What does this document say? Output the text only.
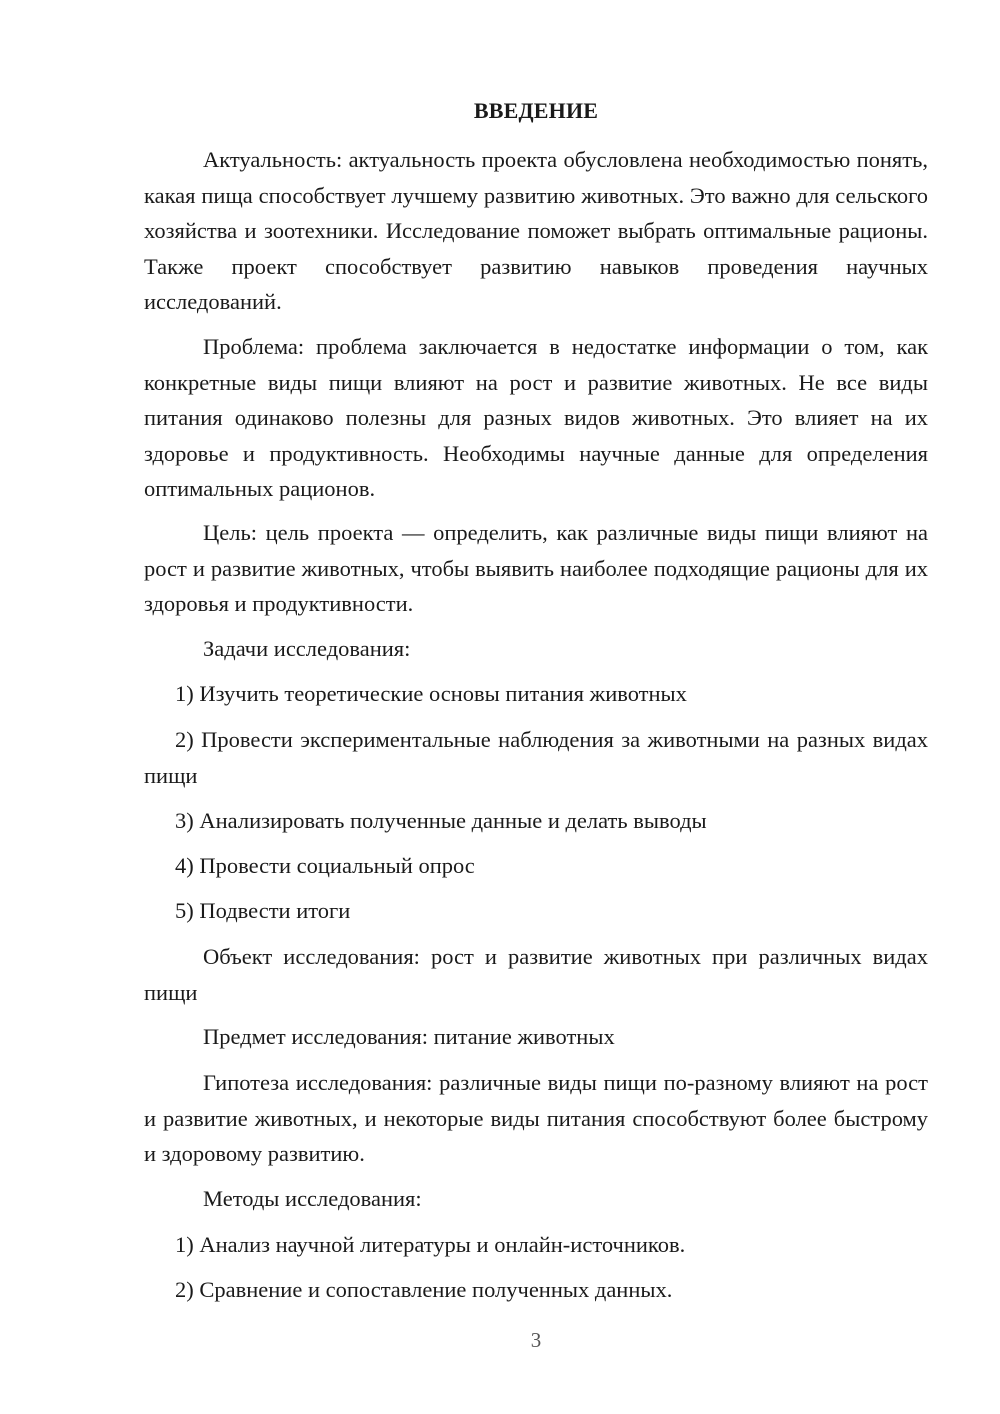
ВВЕДЕНИЕ

Актуальность: актуальность проекта обусловлена необходимостью понять, какая пища способствует лучшему развитию животных. Это важно для сельского хозяйства и зоотехники. Исследование поможет выбрать оптимальные рационы. Также проект способствует развитию навыков проведения научных исследований.

Проблема: проблема заключается в недостатке информации о том, как конкретные виды пищи влияют на рост и развитие животных. Не все виды питания одинаково полезны для разных видов животных. Это влияет на их здоровье и продуктивность. Необходимы научные данные для определения оптимальных рационов.

Цель: цель проекта — определить, как различные виды пищи влияют на рост и развитие животных, чтобы выявить наиболее подходящие рационы для их здоровья и продуктивности.

Задачи исследования:

1) Изучить теоретические основы питания животных

2) Провести экспериментальные наблюдения за животными на разных видах пищи

3) Анализировать полученные данные и делать выводы

4) Провести социальный опрос

5) Подвести итоги

Объект исследования: рост и развитие животных при различных видах пищи

Предмет исследования: питание животных

Гипотеза исследования: различные виды пищи по-разному влияют на рост и развитие животных, и некоторые виды питания способствуют более быстрому и здоровому развитию.

Методы исследования:

1) Анализ научной литературы и онлайн-источников.

2) Сравнение и сопоставление полученных данных.

3
